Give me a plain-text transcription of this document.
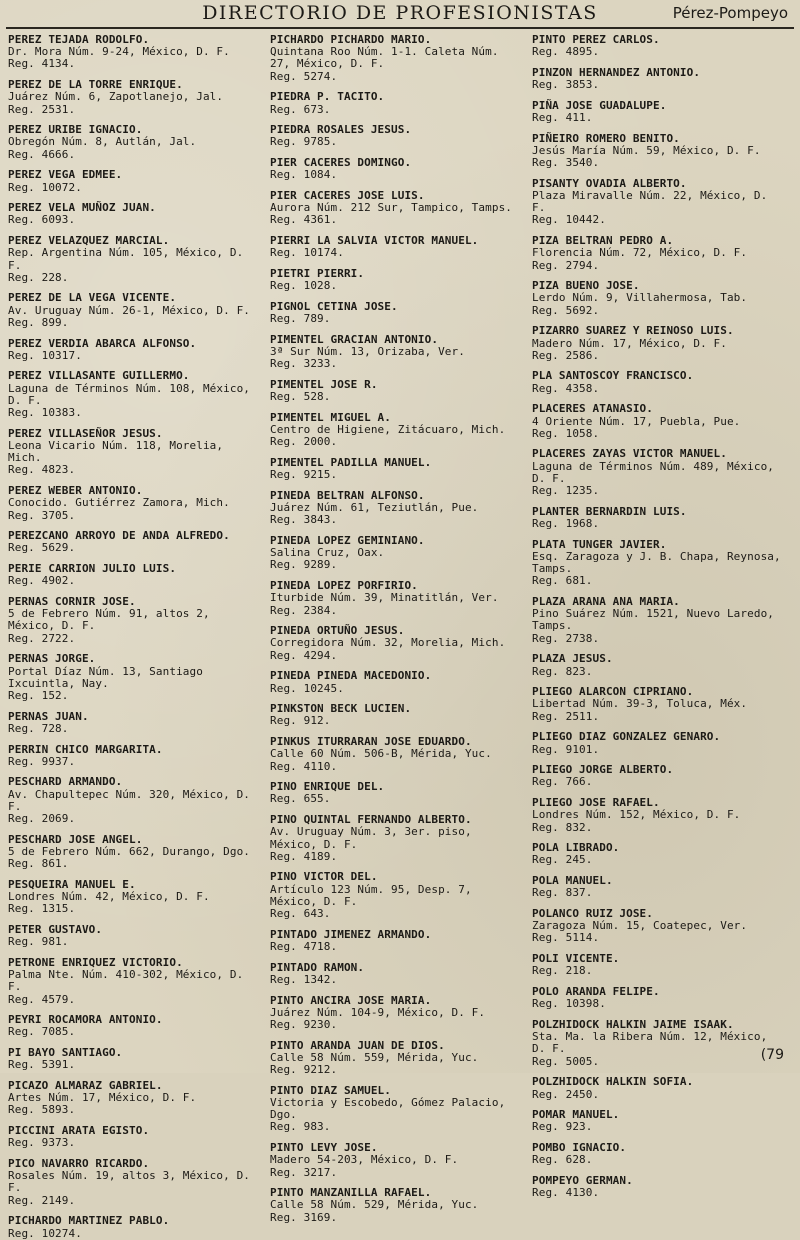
DIRECTORIO DE PROFESIONISTAS	Pérez-Pompeyo
PEREZ TEJADA RODOLFO.
Dr. Mora Núm. 9-24, México, D. F.
Reg. 4134.
PEREZ DE LA TORRE ENRIQUE.
Juárez Núm. 6, Zapotlanejo, Jal.
Reg. 2531.
PEREZ URIBE IGNACIO.
Obregón Núm. 8, Autlán, Jal.
Reg. 4666.
PEREZ VEGA EDMEE.
Reg. 10072.
PEREZ VELA MUÑOZ JUAN.
Reg. 6093.
PEREZ VELAZQUEZ MARCIAL.
Rep. Argentina Núm. 105, México, D. F.
Reg. 228.
PEREZ DE LA VEGA VICENTE.
Av. Uruguay Núm. 26-1, México, D. F.
Reg. 899.
PEREZ VERDIA ABARCA ALFONSO.
Reg. 10317.
PEREZ VILLASANTE GUILLERMO.
Laguna de Términos Núm. 108, México, D. F.
Reg. 10383.
PEREZ VILLASEÑOR JESUS.
Leona Vicario Núm. 118, Morelia, Mich.
Reg. 4823.
PEREZ WEBER ANTONIO.
Conocido. Gutiérrez Zamora, Mich.
Reg. 3705.
PEREZCANO ARROYO DE ANDA ALFREDO.
Reg. 5629.
PERIE CARRION JULIO LUIS.
Reg. 4902.
PERNAS CORNIR JOSE.
5 de Febrero Núm. 91, altos 2, México, D. F.
Reg. 2722.
PERNAS JORGE.
Portal Díaz Núm. 13, Santiago Ixcuintla, Nay.
Reg. 152.
PERNAS JUAN.
Reg. 728.
PERRIN CHICO MARGARITA.
Reg. 9937.
PESCHARD ARMANDO.
Av. Chapultepec Núm. 320, México, D. F.
Reg. 2069.
PESCHARD JOSE ANGEL.
5 de Febrero Núm. 662, Durango, Dgo.
Reg. 861.
PESQUEIRA MANUEL E.
Londres Núm. 42, México, D. F.
Reg. 1315.
PETER GUSTAVO.
Reg. 981.
PETRONE ENRIQUEZ VICTORIO.
Palma Nte. Núm. 410-302, México, D. F.
Reg. 4579.
PEYRI ROCAMORA ANTONIO.
Reg. 7085.
PI BAYO SANTIAGO.
Reg. 5391.
PICAZO ALMARAZ GABRIEL.
Artes Núm. 17, México, D. F.
Reg. 5893.
PICCINI ARATA EGISTO.
Reg. 9373.
PICO NAVARRO RICARDO.
Rosales Núm. 19, altos 3, México, D. F.
Reg. 2149.
PICHARDO MARTINEZ PABLO.
Reg. 10274.
PICHARDO PICHARDO MARIO.
Quintana Roo Núm. 1-1. Caleta Núm. 27, México, D. F.
Reg. 5274.
PIEDRA P. TACITO.
Reg. 673.
PIEDRA ROSALES JESUS.
Reg. 9785.
PIER CACERES DOMINGO.
Reg. 1084.
PIER CACERES JOSE LUIS.
Aurora Núm. 212 Sur, Tampico, Tamps.
Reg. 4361.
PIERRI LA SALVIA VICTOR MANUEL.
Reg. 10174.
PIETRI PIERRI.
Reg. 1028.
PIGNOL CETINA JOSE.
Reg. 789.
PIMENTEL GRACIAN ANTONIO.
3ª Sur Núm. 13, Orizaba, Ver.
Reg. 3233.
PIMENTEL JOSE R.
Reg. 528.
PIMENTEL MIGUEL A.
Centro de Higiene, Zitácuaro, Mich.
Reg. 2000.
PIMENTEL PADILLA MANUEL.
Reg. 9215.
PINEDA BELTRAN ALFONSO.
Juárez Núm. 61, Teziutlán, Pue.
Reg. 3843.
PINEDA LOPEZ GEMINIANO.
Salina Cruz, Oax.
Reg. 9289.
PINEDA LOPEZ PORFIRIO.
Iturbide Núm. 39, Minatitlán, Ver.
Reg. 2384.
PINEDA ORTUÑO JESUS.
Corregidora Núm. 32, Morelia, Mich.
Reg. 4294.
PINEDA PINEDA MACEDONIO.
Reg. 10245.
PINKSTON BECK LUCIEN.
Reg. 912.
PINKUS ITURRARAN JOSE EDUARDO.
Calle 60 Núm. 506-B, Mérida, Yuc.
Reg. 4110.
PINO ENRIQUE DEL.
Reg. 655.
PINO QUINTAL FERNANDO ALBERTO.
Av. Uruguay Núm. 3, 3er. piso, México, D. F.
Reg. 4189.
PINO VICTOR DEL.
Artículo 123 Núm. 95, Desp. 7, México, D. F.
Reg. 643.
PINTADO JIMENEZ ARMANDO.
Reg. 4718.
PINTADO RAMON.
Reg. 1342.
PINTO ANCIRA JOSE MARIA.
Juárez Núm. 104-9, México, D. F.
Reg. 9230.
PINTO ARANDA JUAN DE DIOS.
Calle 58 Núm. 559, Mérida, Yuc.
Reg. 9212.
PINTO DIAZ SAMUEL.
Victoria y Escobedo, Gómez Palacio, Dgo.
Reg. 983.
PINTO LEVY JOSE.
Madero 54-203, México, D. F.
Reg. 3217.
PINTO MANZANILLA RAFAEL.
Calle 58 Núm. 529, Mérida, Yuc.
Reg. 3169.
PINTO PEREZ CARLOS.
Reg. 4895.
PINZON HERNANDEZ ANTONIO.
Reg. 3853.
PIÑA JOSE GUADALUPE.
Reg. 411.
PIÑEIRO ROMERO BENITO.
Jesús María Núm. 59, México, D. F.
Reg. 3540.
PISANTY OVADIA ALBERTO.
Plaza Miravalle Núm. 22, México, D. F.
Reg. 10442.
PIZA BELTRAN PEDRO A.
Florencia Núm. 72, México, D. F.
Reg. 2794.
PIZA BUENO JOSE.
Lerdo Núm. 9, Villahermosa, Tab.
Reg. 5692.
PIZARRO SUAREZ Y REINOSO LUIS.
Madero Núm. 17, México, D. F.
Reg. 2586.
PLA SANTOSCOY FRANCISCO.
Reg. 4358.
PLACERES ATANASIO.
4 Oriente Núm. 17, Puebla, Pue.
Reg. 1058.
PLACERES ZAYAS VICTOR MANUEL.
Laguna de Términos Núm. 489, México, D. F.
Reg. 1235.
PLANTER BERNARDIN LUIS.
Reg. 1968.
PLATA TUNGER JAVIER.
Esq. Zaragoza y J. B. Chapa, Reynosa, Tamps.
Reg. 681.
PLAZA ARANA ANA MARIA.
Pino Suárez Núm. 1521, Nuevo Laredo, Tamps.
Reg. 2738.
PLAZA JESUS.
Reg. 823.
PLIEGO ALARCON CIPRIANO.
Libertad Núm. 39-3, Toluca, Méx.
Reg. 2511.
PLIEGO DIAZ GONZALEZ GENARO.
Reg. 9101.
PLIEGO JORGE ALBERTO.
Reg. 766.
PLIEGO JOSE RAFAEL.
Londres Núm. 152, México, D. F.
Reg. 832.
POLA LIBRADO.
Reg. 245.
POLA MANUEL.
Reg. 837.
POLANCO RUIZ JOSE.
Zaragoza Núm. 15, Coatepec, Ver.
Reg. 5114.
POLI VICENTE.
Reg. 218.
POLO ARANDA FELIPE.
Reg. 10398.
POLZHIDOCK HALKIN JAIME ISAAK.
Sta. Ma. la Ribera Núm. 12, México, D. F.
Reg. 5005.
POLZHIDOCK HALKIN SOFIA.
Reg. 2450.
POMAR MANUEL.
Reg. 923.
POMBO IGNACIO.
Reg. 628.
POMPEYO GERMAN.
Reg. 4130.
(79
